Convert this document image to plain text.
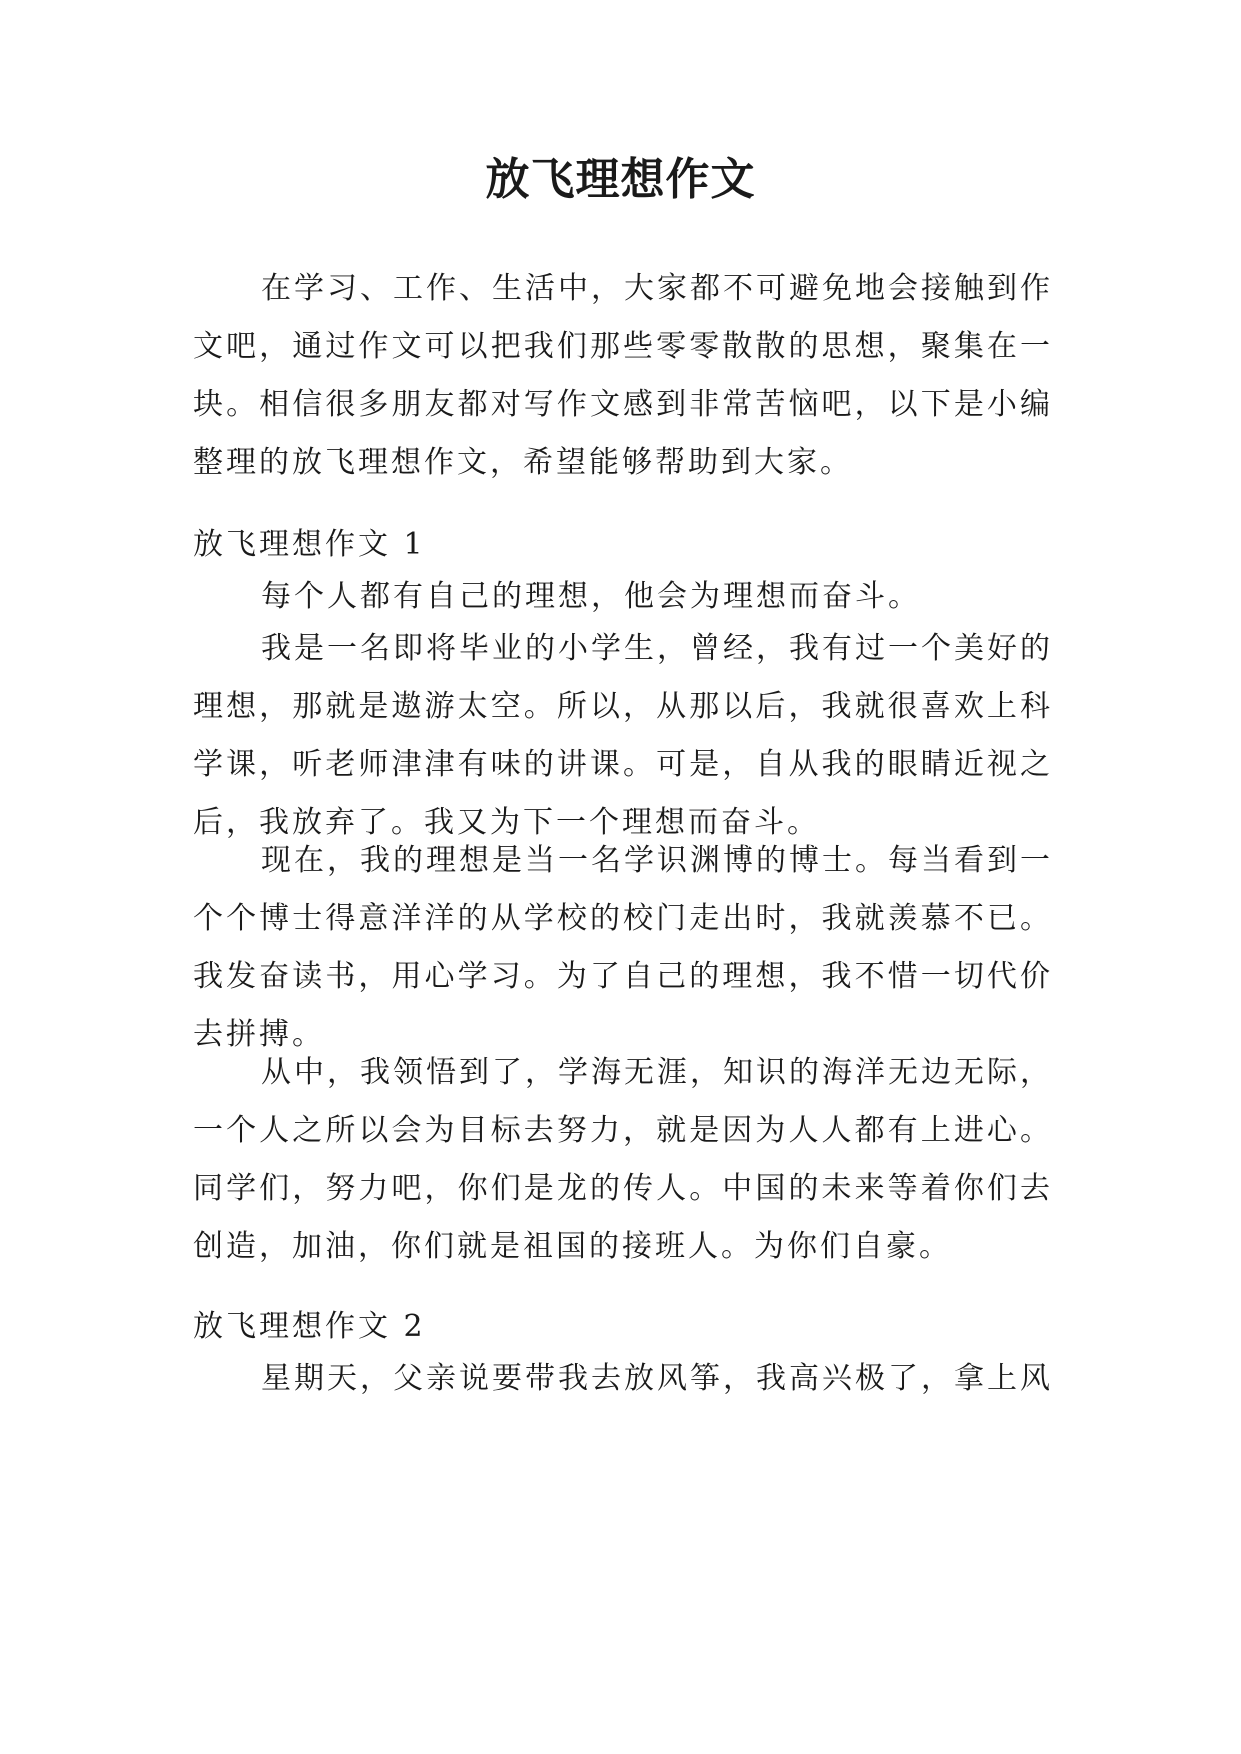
放飞理想作文
在学习、工作、生活中，大家都不可避免地会接触到作文吧，通过作文可以把我们那些零零散散的思想，聚集在一块。相信很多朋友都对写作文感到非常苦恼吧，以下是小编整理的放飞理想作文，希望能够帮助到大家。
放飞理想作文 1
每个人都有自己的理想，他会为理想而奋斗。
我是一名即将毕业的小学生，曾经，我有过一个美好的理想，那就是遨游太空。所以，从那以后，我就很喜欢上科学课，听老师津津有味的讲课。可是，自从我的眼睛近视之后，我放弃了。我又为下一个理想而奋斗。
现在，我的理想是当一名学识渊博的博士。每当看到一个个博士得意洋洋的从学校的校门走出时，我就羡慕不已。我发奋读书，用心学习。为了自己的理想，我不惜一切代价去拼搏。
从中，我领悟到了，学海无涯，知识的海洋无边无际，一个人之所以会为目标去努力，就是因为人人都有上进心。同学们，努力吧，你们是龙的传人。中国的未来等着你们去创造，加油，你们就是祖国的接班人。为你们自豪。
放飞理想作文 2
星期天，父亲说要带我去放风筝，我高兴极了，拿上风
